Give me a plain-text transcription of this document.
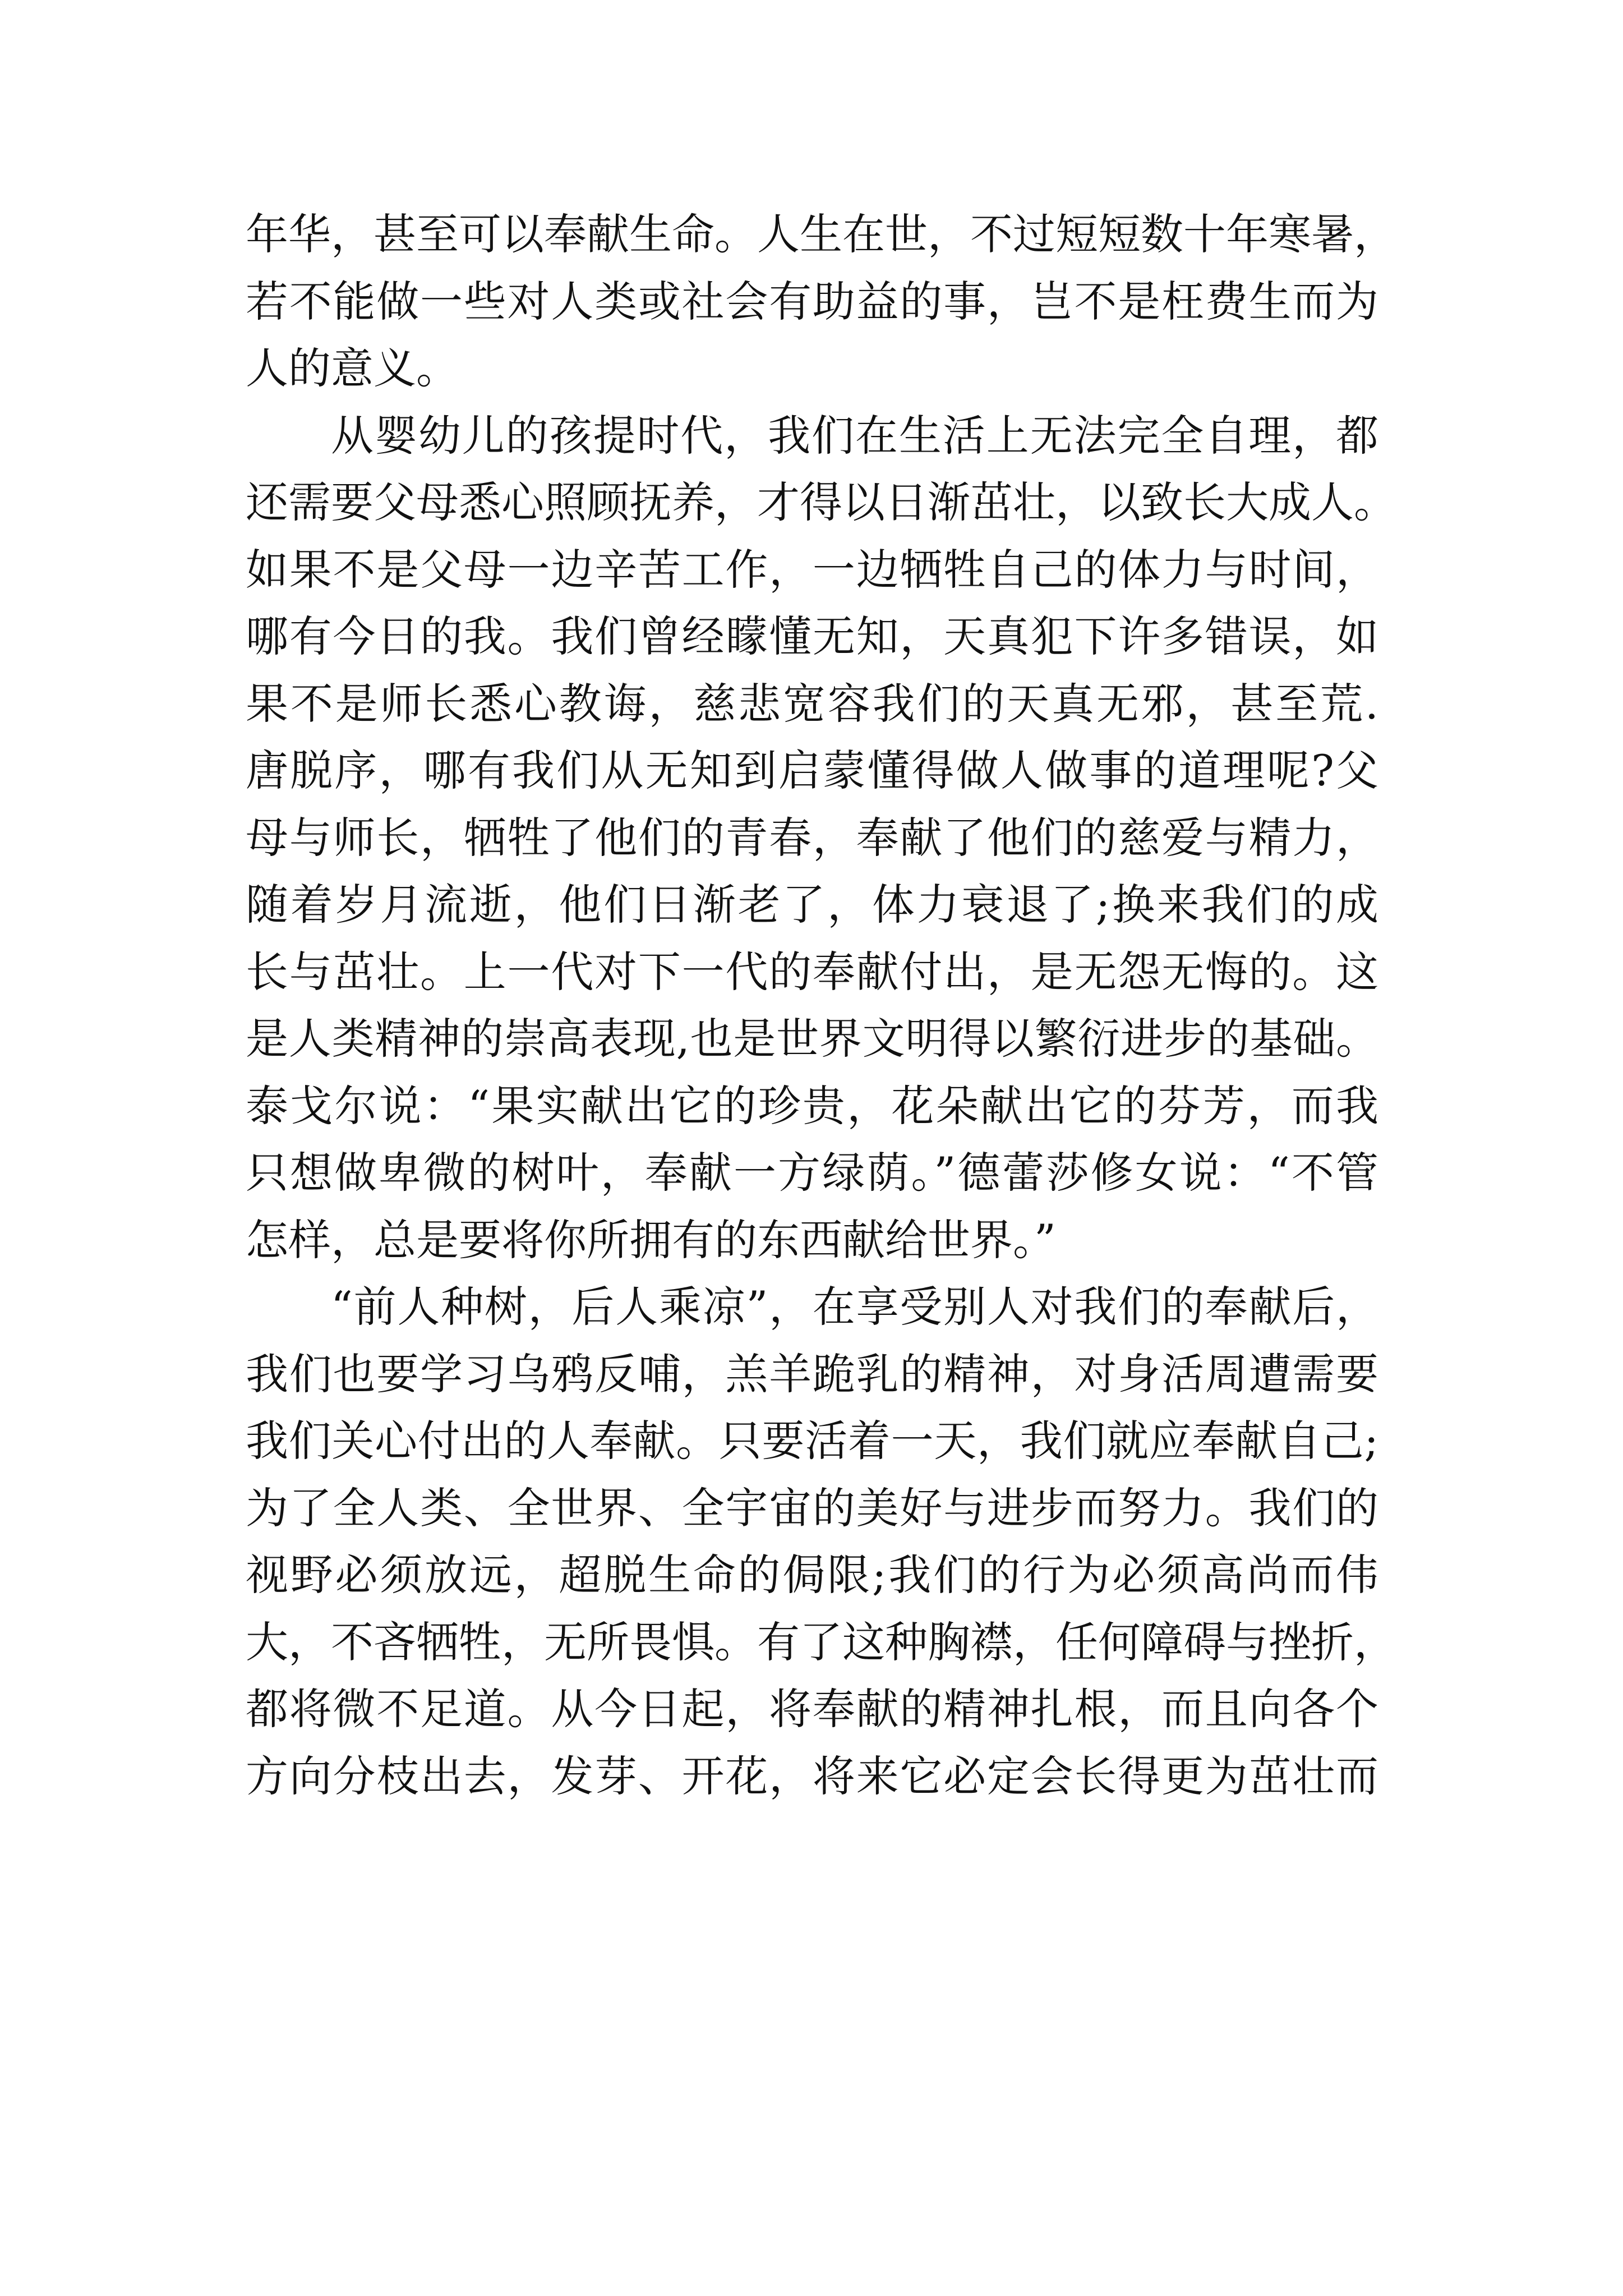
年华，甚至可以奉献生命。人生在世，不过短短数十年寒暑，
若不能做一些对人类或社会有助益的事，岂不是枉费生而为
人的意义。
从婴幼儿的孩提时代，我们在生活上无法完全自理，都
还需要父母悉心照顾抚养，才得以日渐茁壮，以致长大成人。
如果不是父母一边辛苦工作，一边牺牲自己的体力与时间，
哪有今日的我。我们曾经矇懂无知，天真犯下许多错误，如
果不是师长悉心教诲，慈悲宽容我们的天真无邪，甚至荒.
唐脱序，哪有我们从无知到启蒙懂得做人做事的道理呢?父
母与师长，牺牲了他们的青春，奉献了他们的慈爱与精力，
随着岁月流逝，他们日渐老了，体力衰退了;换来我们的成
长与茁壮。上一代对下一代的奉献付出，是无怨无悔的。这
是人类精神的崇高表现,也是世界文明得以繁衍进步的基础。
泰戈尔说：“果实献出它的珍贵，花朵献出它的芬芳，而我
只想做卑微的树叶，奉献一方绿荫。”德蕾莎修女说：“不管
怎样，总是要将你所拥有的东西献给世界。”
“前人种树，后人乘凉”，在享受别人对我们的奉献后，
我们也要学习乌鸦反哺，羔羊跪乳的精神，对身活周遭需要
我们关心付出的人奉献。只要活着一天，我们就应奉献自己;
为了全人类、全世界、全宇宙的美好与进步而努力。我们的
视野必须放远，超脱生命的侷限;我们的行为必须高尚而伟
大，不吝牺牲，无所畏惧。有了这种胸襟，任何障碍与挫折，
都将微不足道。从今日起，将奉献的精神扎根，而且向各个
方向分枝出去，发芽、开花，将来它必定会长得更为茁壮而
